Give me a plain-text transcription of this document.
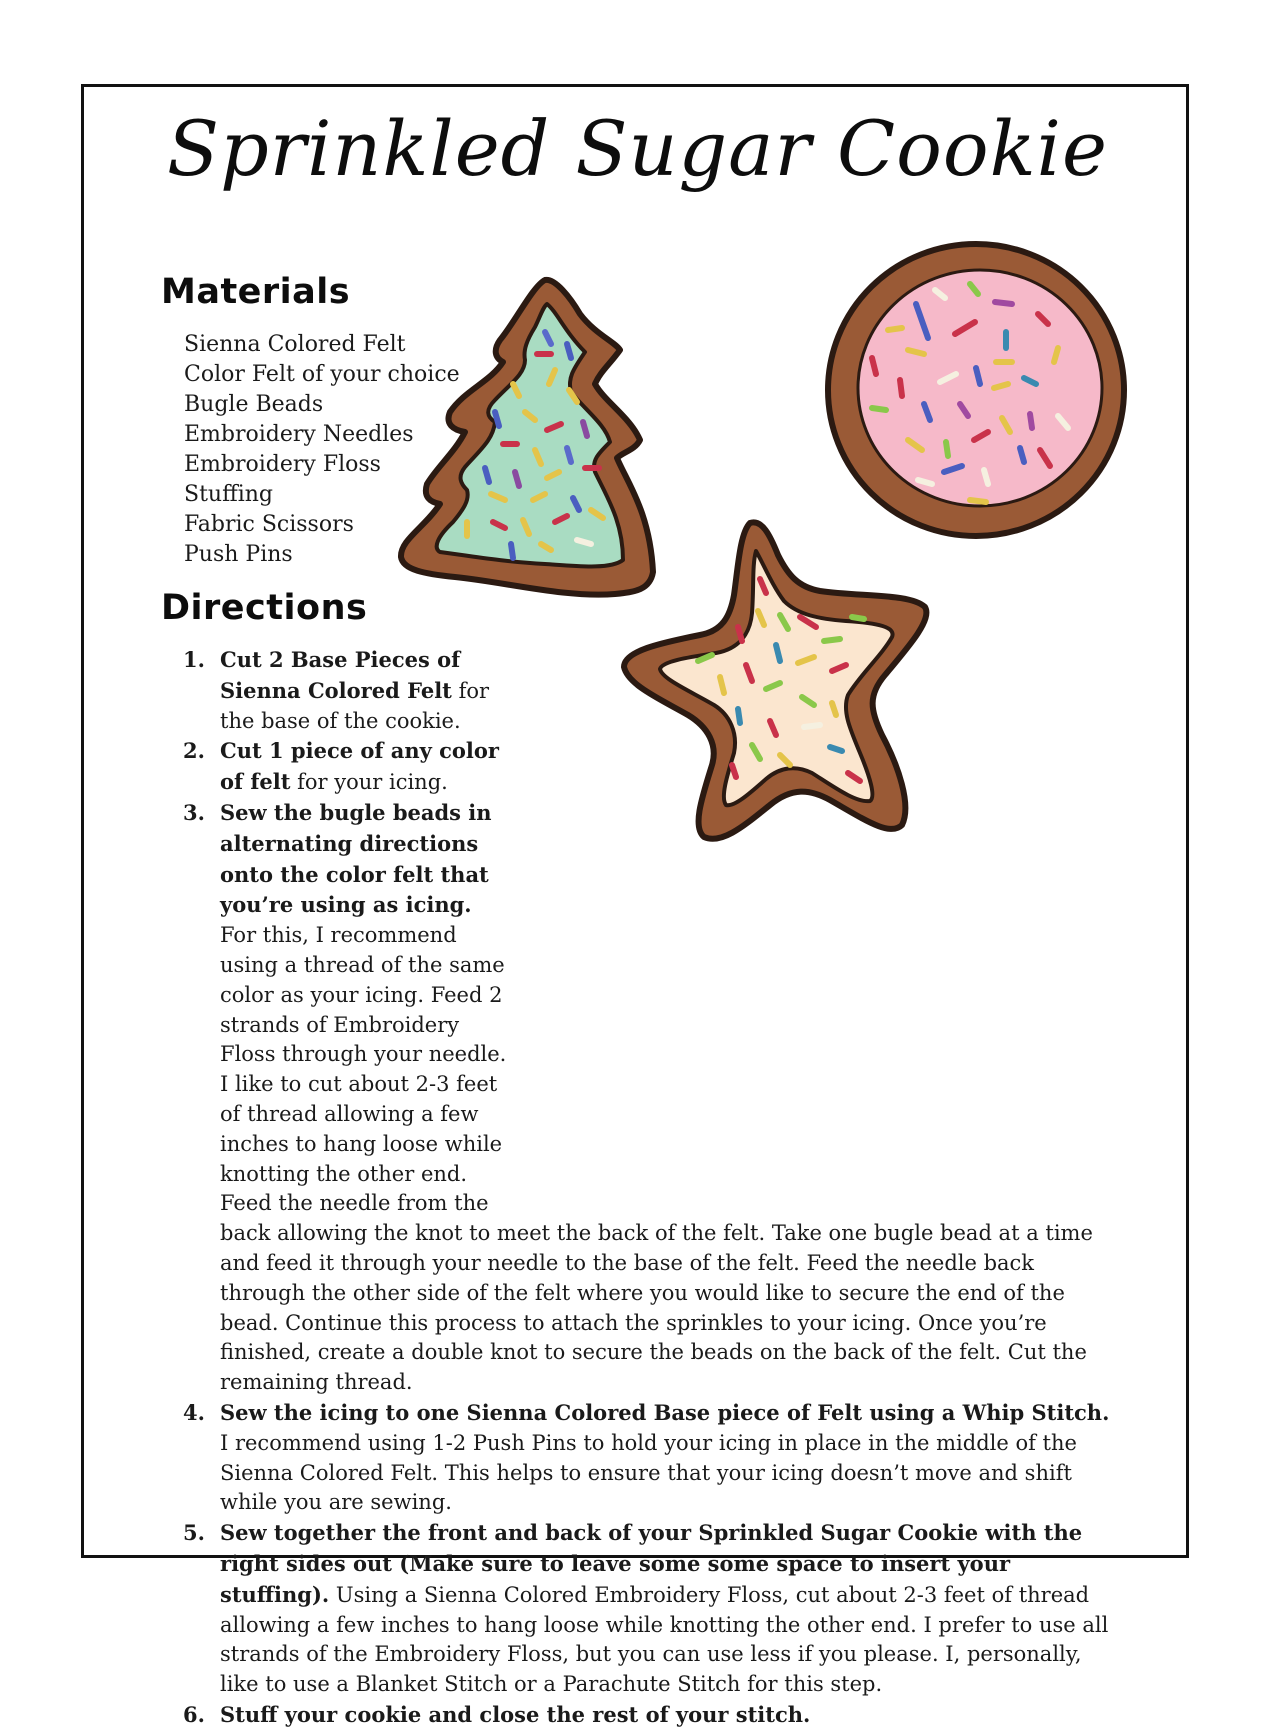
Sprinkled Sugar Cookie
Materials
Sienna Colored Felt
Color Felt of your choice
Bugle Beads
Embroidery Needles
Embroidery Floss
Stuffing
Fabric Scissors
Push Pins
Directions
1. Cut 2 Base Pieces of Sienna Colored Felt for the base of the cookie.
2. Cut 1 piece of any color of felt for your icing.
3. Sew the bugle beads in alternating directions onto the color felt that you’re using as icing. For this, I recommend using a thread of the same color as your icing. Feed 2 strands of Embroidery Floss through your needle. I like to cut about 2-3 feet of thread allowing a few inches to hang loose while knotting the other end. Feed the needle from the back allowing the knot to meet the back of the felt. Take one bugle bead at a time and feed it through your needle to the base of the felt. Feed the needle back through the other side of the felt where you would like to secure the end of the bead. Continue this process to attach the sprinkles to your icing. Once you’re finished, create a double knot to secure the beads on the back of the felt. Cut the remaining thread.
4. Sew the icing to one Sienna Colored Base piece of Felt using a Whip Stitch. I recommend using 1-2 Push Pins to hold your icing in place in the middle of the Sienna Colored Felt. This helps to ensure that your icing doesn’t move and shift while you are sewing.
5. Sew together the front and back of your Sprinkled Sugar Cookie with the right sides out (Make sure to leave some some space to insert your stuffing). Using a Sienna Colored Embroidery Floss, cut about 2-3 feet of thread allowing a few inches to hang loose while knotting the other end. I prefer to use all strands of the Embroidery Floss, but you can use less if you please. I, personally, like to use a Blanket Stitch or a Parachute Stitch for this step.
6. Stuff your cookie and close the rest of your stitch.
